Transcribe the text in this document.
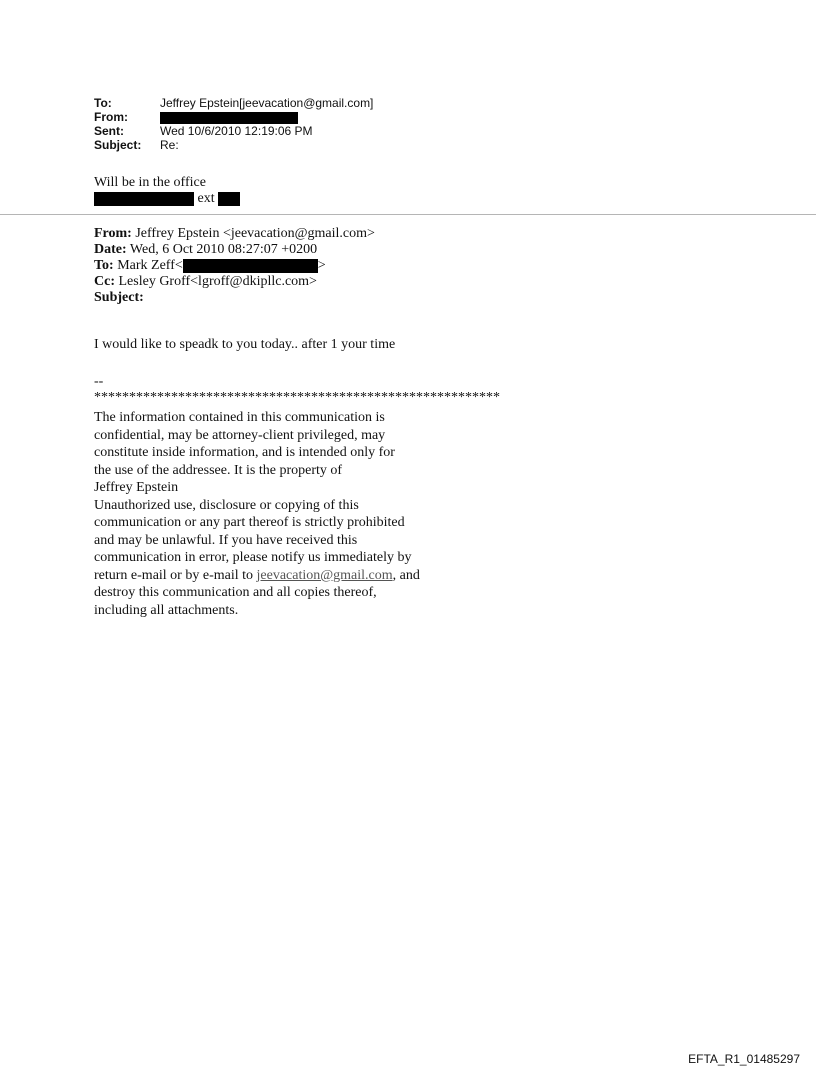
To:	Jeffrey Epstein[jeevacation@gmail.com]
From:
Sent:	Wed 10/6/2010 12:19:06 PM
Subject:	Re:
Will be in the office
ext
From: Jeffrey Epstein <jeevacation@gmail.com>
Date: Wed, 6 Oct 2010 08:27:07 +0200
To: Mark Zeff<	>
Cc: Lesley Groff<lgroff@dkipllc.com>
Subject:
I would like to speadk to you today.. after 1 your time
--
**********************************************************
The information contained in this communication is
confidential, may be attorney-client privileged, may
constitute inside information, and is intended only for
the use of the addressee. It is the property of
Jeffrey Epstein
Unauthorized use, disclosure or copying of this
communication or any part thereof is strictly prohibited
and may be unlawful. If you have received this
communication in error, please notify us immediately by
return e-mail or by e-mail to jeevacation@gmail.com, and
destroy this communication and all copies thereof,
including all attachments.
EFTA_R1_01485297
